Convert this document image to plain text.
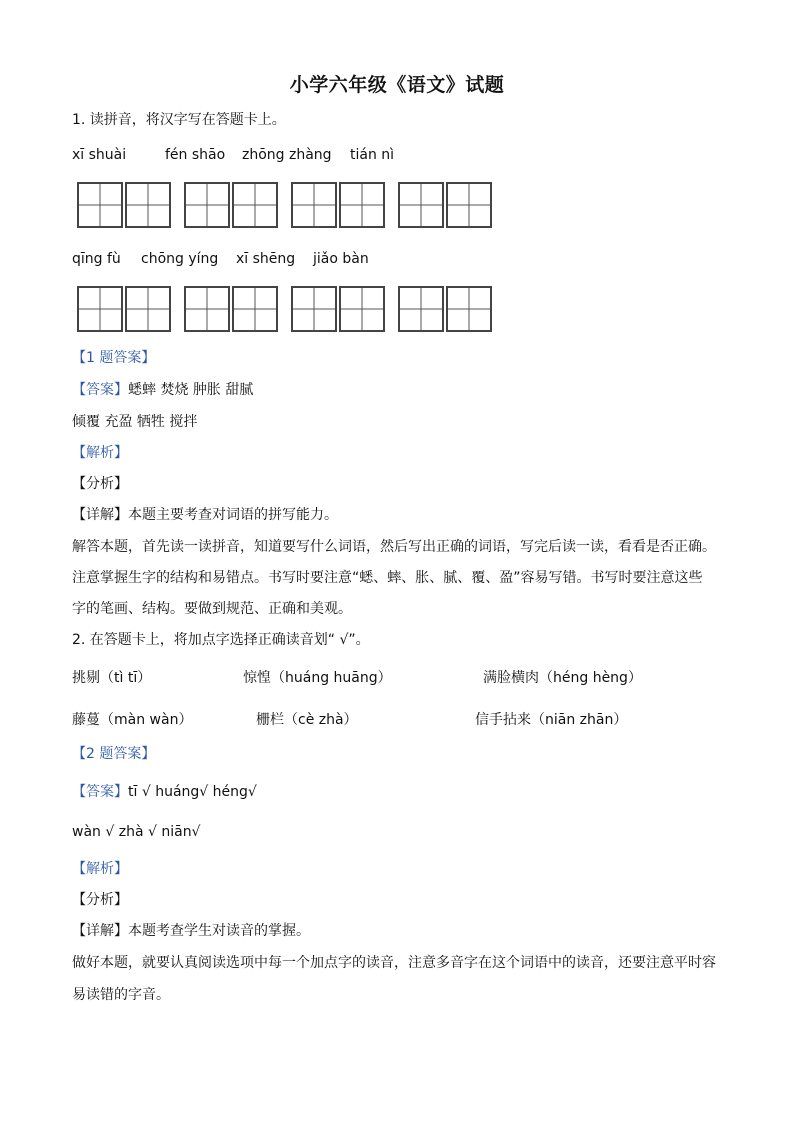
小学六年级《语文》试题
1. 读拼音，将汉字写在答题卡上。
xī shuài	fén shāo zhōng zhàng tián nì
qīng fù chōng yíng xī shēng jiǎo bàn
【1 题答案】
【答案】蟋蟀 焚烧 肿胀 甜腻
倾覆 充盈 牺牲 搅拌
【解析】
【分析】
【详解】本题主要考查对词语的拼写能力。
解答本题，首先读一读拼音，知道要写什么词语，然后写出正确的词语，写完后读一读，看看是否正确。
注意掌握生字的结构和易错点。书写时要注意“蟋、蟀、胀、腻、覆、盈”容易写错。书写时要注意这些
字的笔画、结构。要做到规范、正确和美观。
2. 在答题卡上，将加点字选择正确读音划“ √”。
挑剔（tì tī）	惊惶（huáng huāng）	满脸横肉（héng hèng）
藤蔓（màn wàn）	栅栏（cè zhà）	信手拈来（niān zhān）
【2 题答案】
【答案】tī √ huáng√ héng√
wàn √ zhà √ niān√
【解析】
【分析】
【详解】本题考查学生对读音的掌握。
做好本题，就要认真阅读选项中每一个加点字的读音，注意多音字在这个词语中的读音，还要注意平时容
易读错的字音。
